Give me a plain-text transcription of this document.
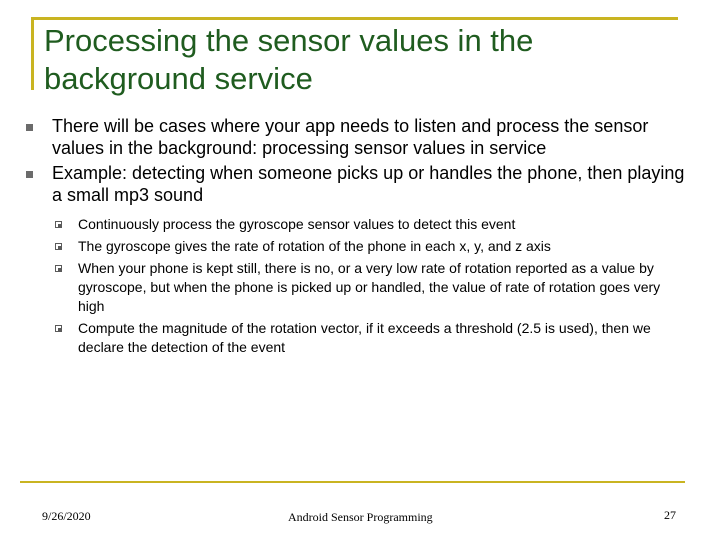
Processing the sensor values in the background service

There will be cases where your app needs to listen and process the sensor values in the background: processing sensor values in service

Example: detecting when someone picks up or handles the phone, then playing a small mp3 sound

Continuously process the gyroscope sensor values to detect this event

The gyroscope gives the rate of rotation of the phone in each x, y, and z axis

When your phone is kept still, there is no, or a very low rate of rotation reported as a value by gyroscope, but when the phone is picked up or handled, the value of rate of rotation goes very high

Compute the magnitude of the rotation vector, if it exceeds a threshold (2.5 is used), then we declare the detection of the event

9/26/2020	Android Sensor Programming	27
